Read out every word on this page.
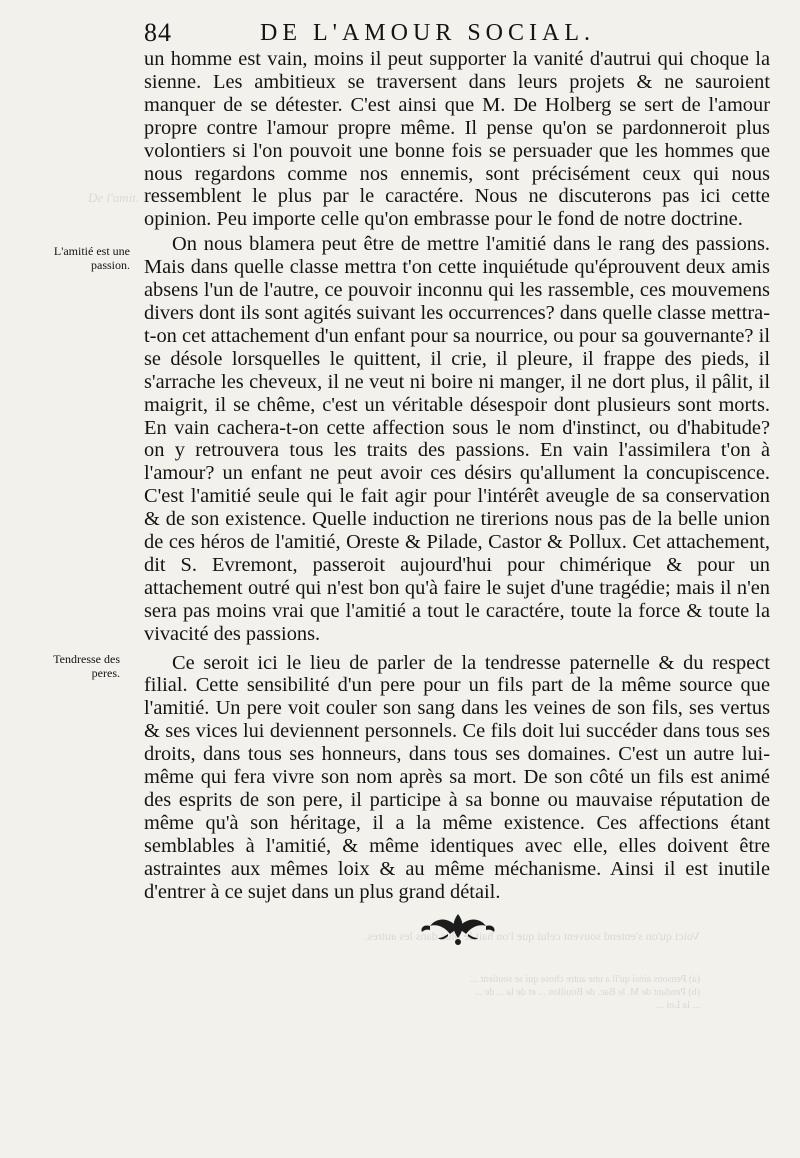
84	DE L'AMOUR SOCIAL.
De l'amit.
L'amitié est une passion.
Tendresse des peres.

un homme est vain, moins il peut supporter la vanité d'autrui qui choque la sienne. Les ambitieux se traversent dans leurs projets & ne sauroient manquer de se détester. C'est ainsi que M. De Holberg se sert de l'amour propre contre l'amour propre même. Il pense qu'on se pardonneroit plus volontiers si l'on pouvoit une bonne fois se persuader que les hommes que nous regardons comme nos ennemis, sont précisément ceux qui nous ressemblent le plus par le caractére. Nous ne discuterons pas ici cette opinion. Peu importe celle qu'on embrasse pour le fond de notre doctrine.

On nous blamera peut être de mettre l'amitié dans le rang des passions. Mais dans quelle classe mettra t'on cette inquiétude qu'éprouvent deux amis absens l'un de l'autre, ce pouvoir inconnu qui les rassemble, ces mouvemens divers dont ils sont agités suivant les occurrences? dans quelle classe mettra-t-on cet attachement d'un enfant pour sa nourrice, ou pour sa gouvernante? il se désole lorsquelles le quittent, il crie, il pleure, il frappe des pieds, il s'arrache les cheveux, il ne veut ni boire ni manger, il ne dort plus, il pâlit, il maigrit, il se chême, c'est un véritable désespoir dont plusieurs sont morts. En vain cachera-t-on cette affection sous le nom d'instinct, ou d'habitude? on y retrouvera tous les traits des passions. En vain l'assimilera t'on à l'amour? un enfant ne peut avoir ces désirs qu'allument la concupiscence. C'est l'amitié seule qui le fait agir pour l'intérêt aveugle de sa conservation & de son existence. Quelle induction ne tirerions nous pas de la belle union de ces héros de l'amitié, Oreste & Pilade, Castor & Pollux. Cet attachement, dit S. Evremont, passeroit aujourd'hui pour chimérique & pour un attachement outré qui n'est bon qu'à faire le sujet d'une tragédie; mais il n'en sera pas moins vrai que l'amitié a tout le caractére, toute la force & toute la vivacité des passions.

Ce seroit ici le lieu de parler de la tendresse paternelle & du respect filial. Cette sensibilité d'un pere pour un fils part de la même source que l'amitié. Un pere voit couler son sang dans les veines de son fils, ses vertus & ses vices lui deviennent personnels. Ce fils doit lui succéder dans tous ses droits, dans tous ses honneurs, dans tous ses domaines. C'est un autre lui-même qui fera vivre son nom après sa mort. De son côté un fils est animé des esprits de son pere, il participe à sa bonne ou mauvaise réputation de même qu'à son héritage, il a la même existence. Ces affections étant semblables à l'amitié, & même identiques avec elle, elles doivent être astraintes aux mêmes loix & au même méchanisme. Ainsi il est inutile d'entrer à ce sujet dans un plus grand détail.

Voici qu'on s'entend souvent celui que l'on hait le plus dans les autres.
(a) Pensons ainsi qu'il a une autre chose qui se soutient ...
(b) Pendant de M. le Bac. de Bouillon ... et de la ... de ...
... la Loi ...
